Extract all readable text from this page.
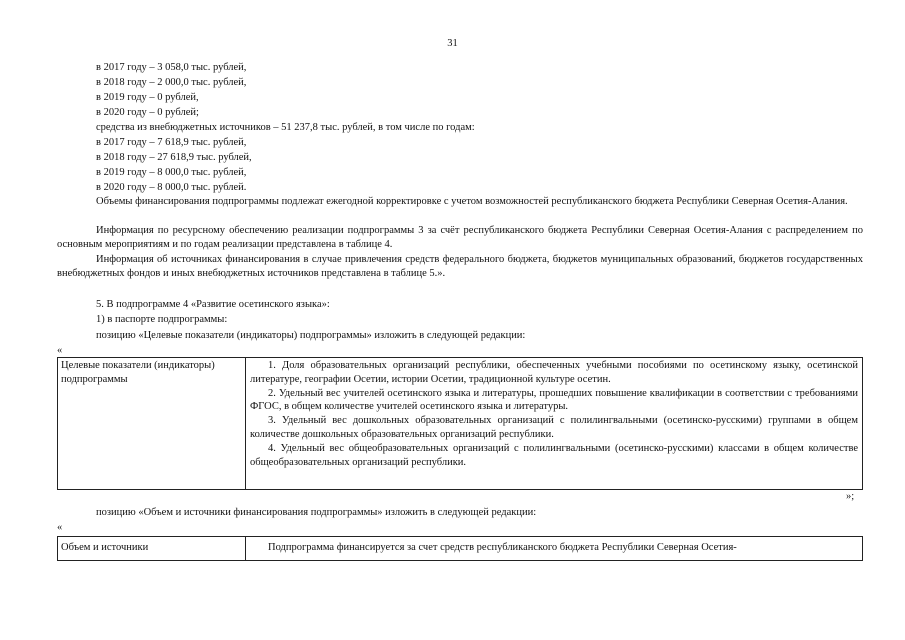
31
в 2017 году – 3 058,0 тыс. рублей,
в 2018 году – 2 000,0 тыс. рублей,
в 2019 году – 0 рублей,
в 2020 году – 0 рублей;
средства из внебюджетных источников – 51 237,8 тыс. рублей, в том числе по годам:
в 2017 году – 7 618,9 тыс. рублей,
в 2018 году – 27 618,9 тыс. рублей,
в 2019 году – 8 000,0 тыс. рублей,
в 2020 году – 8 000,0 тыс. рублей.
Объемы финансирования подпрограммы подлежат ежегодной корректировке с учетом возможностей республиканского бюджета Республики Северная Осетия-Алания.
Информация по ресурсному обеспечению реализации подпрограммы 3 за счёт республиканского бюджета Республики Северная Осетия-Алания с распределением по основным мероприятиям и по годам реализации представлена в таблице 4.
Информация об источниках финансирования в случае привлечения средств федерального бюджета, бюджетов муниципальных образований, бюджетов государственных внебюджетных фондов и иных внебюджетных источников представлена в таблице 5.».
5. В подпрограмме 4 «Развитие осетинского языка»:
1) в паспорте подпрограммы:
позицию «Целевые показатели (индикаторы) подпрограммы» изложить в следующей редакции:
«
Целевые показатели (индикаторы) подпрограммы

1. Доля образовательных организаций республики, обеспеченных учебными пособиями по осетинскому языку, осетинской литературе, географии Осетии, истории Осетии, традиционной культуре осетин.

2. Удельный вес учителей осетинского языка и литературы, прошедших повышение квалификации в соответствии с требованиями ФГОС, в общем количестве учителей осетинского языка и литературы.

3. Удельный вес дошкольных образовательных организаций с полилингвальными (осетинско-русскими) группами в общем количестве дошкольных образовательных организаций республики.

4. Удельный вес общеобразовательных организаций с полилингвальными (осетинско-русскими) классами в общем количестве общеобразовательных организаций республики.

»;
позицию «Объем и источники финансирования подпрограммы» изложить в следующей редакции:
«
Объем и источники	Подпрограмма финансируется за счет средств республиканского бюджета Республики Северная Осетия-
